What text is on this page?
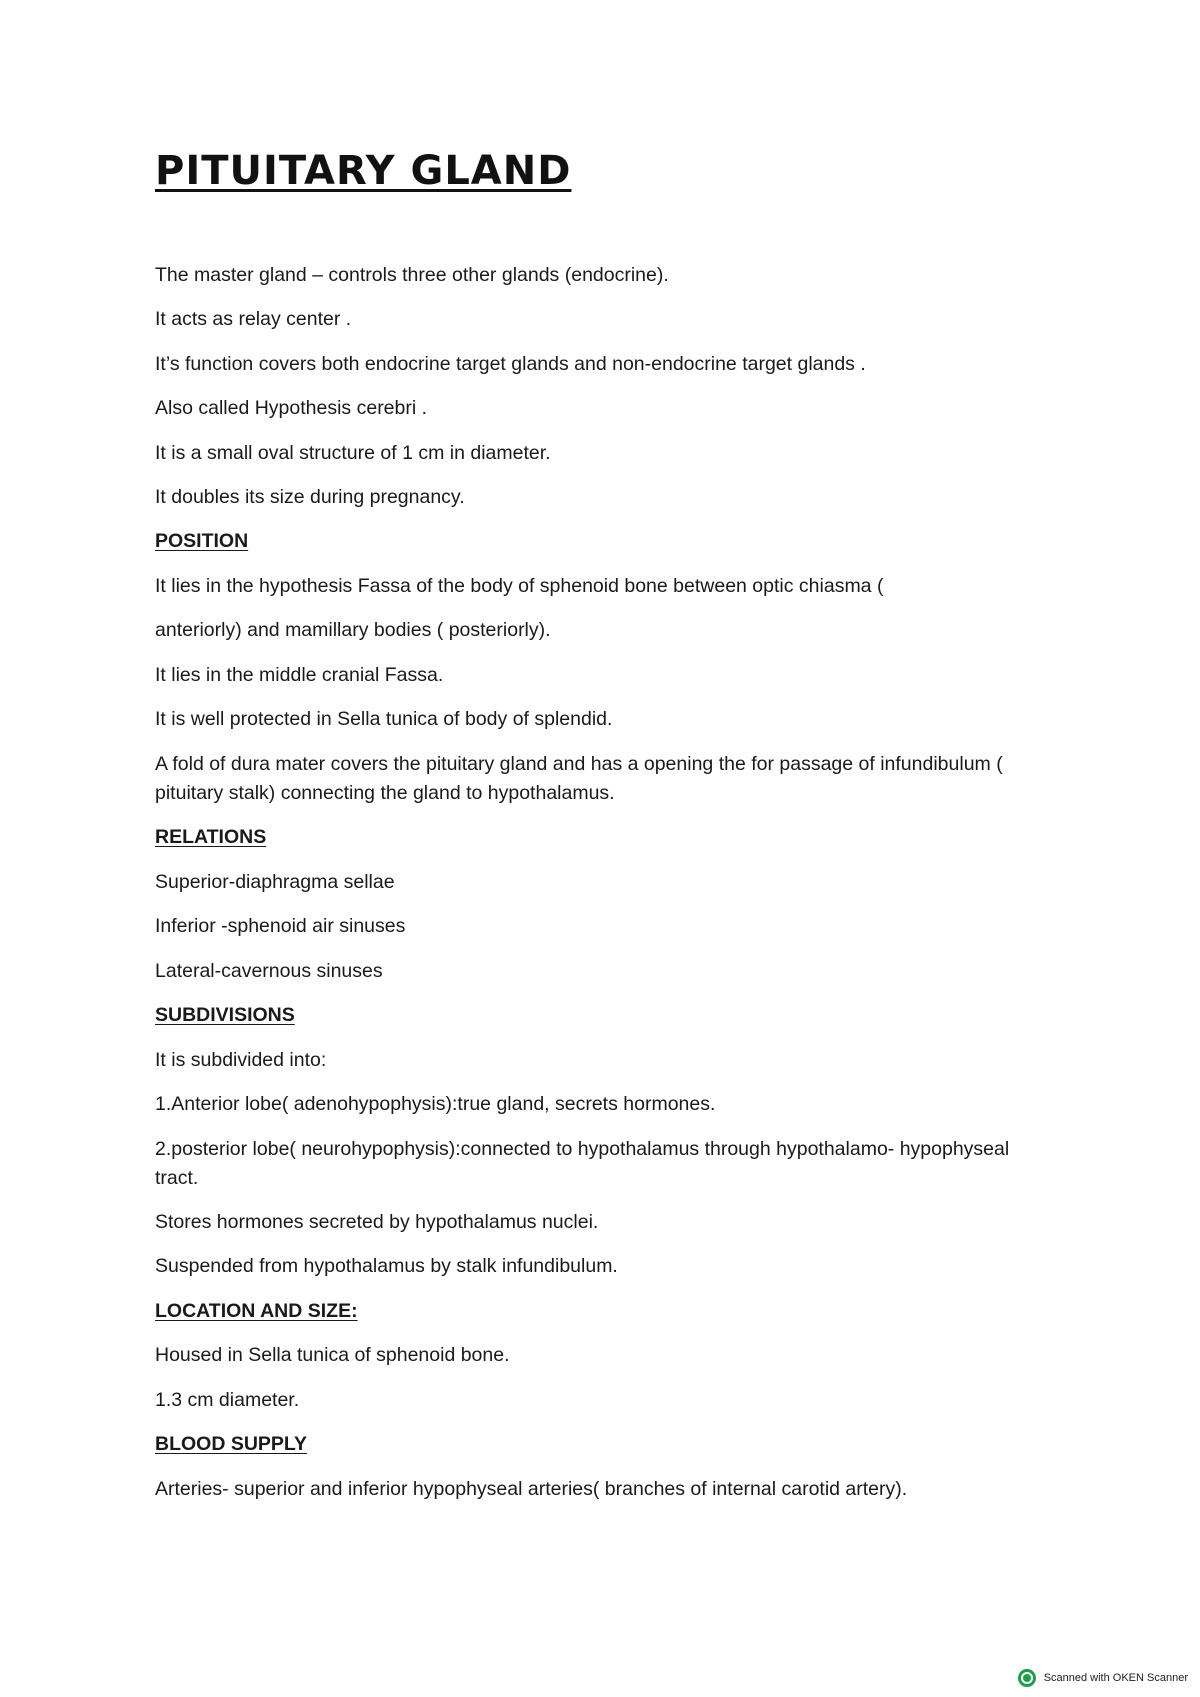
PITUITARY GLAND

The master gland – controls three other glands (endocrine).

It acts as relay center .

It’s function covers both endocrine target glands and non-endocrine target glands .

Also called Hypothesis cerebri .

It is a small oval structure of 1 cm in diameter.

It doubles its size during pregnancy.

POSITION

It lies in the hypothesis Fassa of the body of sphenoid bone between optic chiasma (

anteriorly) and mamillary bodies ( posteriorly).

It lies in the middle cranial Fassa.

It is well protected in Sella tunica of body of splendid.

A fold of dura mater covers the pituitary gland and has a opening the for passage of infundibulum ( pituitary stalk) connecting the gland to hypothalamus.

RELATIONS

Superior-diaphragma sellae

Inferior -sphenoid air sinuses

Lateral-cavernous sinuses

SUBDIVISIONS

It is subdivided into:

1.Anterior lobe( adenohypophysis):true gland, secrets hormones.

2.posterior lobe( neurohypophysis):connected to hypothalamus through hypothalamo- hypophyseal tract.

Stores hormones secreted by hypothalamus nuclei.

Suspended from hypothalamus by stalk infundibulum.

LOCATION AND SIZE:

Housed in Sella tunica of sphenoid bone.

1.3 cm diameter.

BLOOD SUPPLY

Arteries- superior and inferior hypophyseal arteries( branches of internal carotid artery).

Scanned with OKEN Scanner
